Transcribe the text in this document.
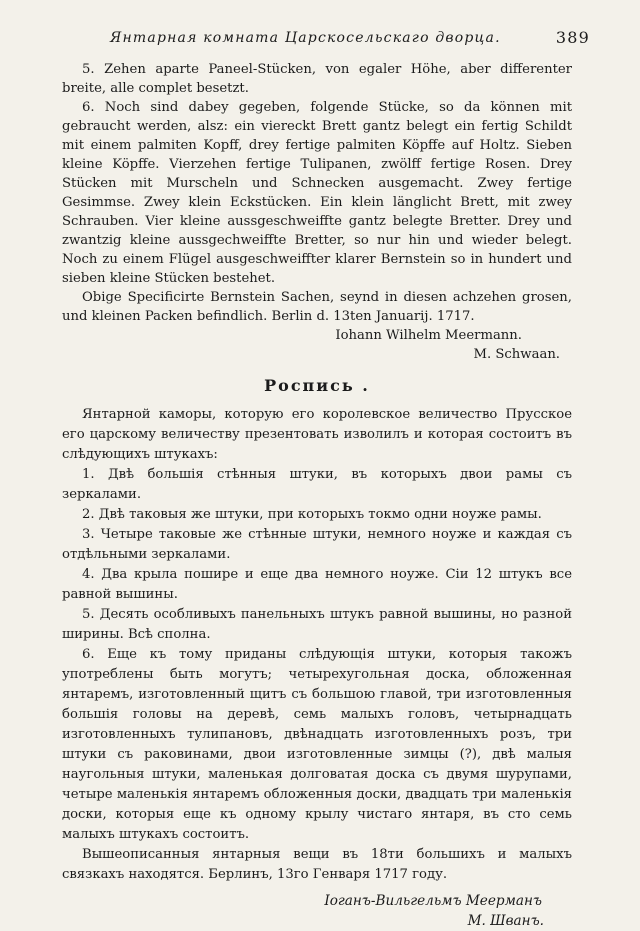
Янтарная комната Царскосельскаго дворца.	389

5. Zehen aparte Paneel-Stücken, von egaler Höhe, aber differenter breite, alle complet besetzt.

6. Noch sind dabey gegeben, folgende Stücke, so da können mit gebraucht werden, alsz: ein viereckt Brett gantz belegt ein fertig Schildt mit einem palmiten Kopff, drey fertige palmiten Köpffe auf Holtz. Sieben kleine Köpffe. Vierzehen fertige Tulipanen, zwölff fertige Rosen. Drey Stücken mit Murscheln und Schnecken ausgemacht. Zwey fertige Gesimmse. Zwey klein Eckstücken. Ein klein länglicht Brett, mit zwey Schrauben. Vier kleine aussgeschweiffte gantz belegte Bretter. Drey und zwantzig kleine aussgechweiffte Bretter, so nur hin und wieder belegt. Noch zu einem Flügel ausgeschweiffter klarer Bernstein so in hundert und sieben kleine Stücken bestehet.

Obige Specificirte Bernstein Sachen, seynd in diesen achzehen grosen, und kleinen Packen befindlich. Berlin d. 13ten Januarij. 1717.

Iohann Wilhelm Meermann.

M. Schwaan.

Роспись .

Янтарной каморы, которую его королевское величество Прусское его царскому величеству презентовать изволилъ и которая состоитъ въ слѣдующихъ штукахъ:

1. Двѣ большія стѣнныя штуки, въ которыхъ двои рамы съ зеркалами.

2. Двѣ таковыя же штуки, при которыхъ токмо одни ноуже рамы.

3. Четыре таковые же стѣнные штуки, немного ноуже и каждая съ отдѣльными зеркалами.

4. Два крыла пошире и еще два немного ноуже. Сіи 12 штукъ все равной вышины.

5. Десять особливыхъ панельныхъ штукъ равной вышины, но разной ширины. Всѣ сполна.

6. Еще къ тому приданы слѣдующія штуки, которыя такожъ употреблены быть могутъ; четырехугольная доска, обложенная янтаремъ, изготовленный щитъ съ большою главой, три изготовленныя большія головы на деревѣ, семь малыхъ головъ, четырнадцать изготовленныхъ тулипановъ, двѣнадцать изготовленныхъ розъ, три штуки съ раковинами, двои изготовленные зимцы (?), двѣ малыя наугольныя штуки, маленькая долговатая доска съ двумя шурупами, четыре маленькія янтаремъ обложенныя доски, двадцать три маленькія доски, которыя еще къ одному крылу чистаго янтаря, въ сто семь малыхъ штукахъ состоитъ.

Вышеописанныя янтарныя вещи въ 18ти большихъ и малыхъ связкахъ находятся. Берлинъ, 13го Генваря 1717 году.

Іоганъ-Вильгельмъ Меерманъ

М. Шванъ.
